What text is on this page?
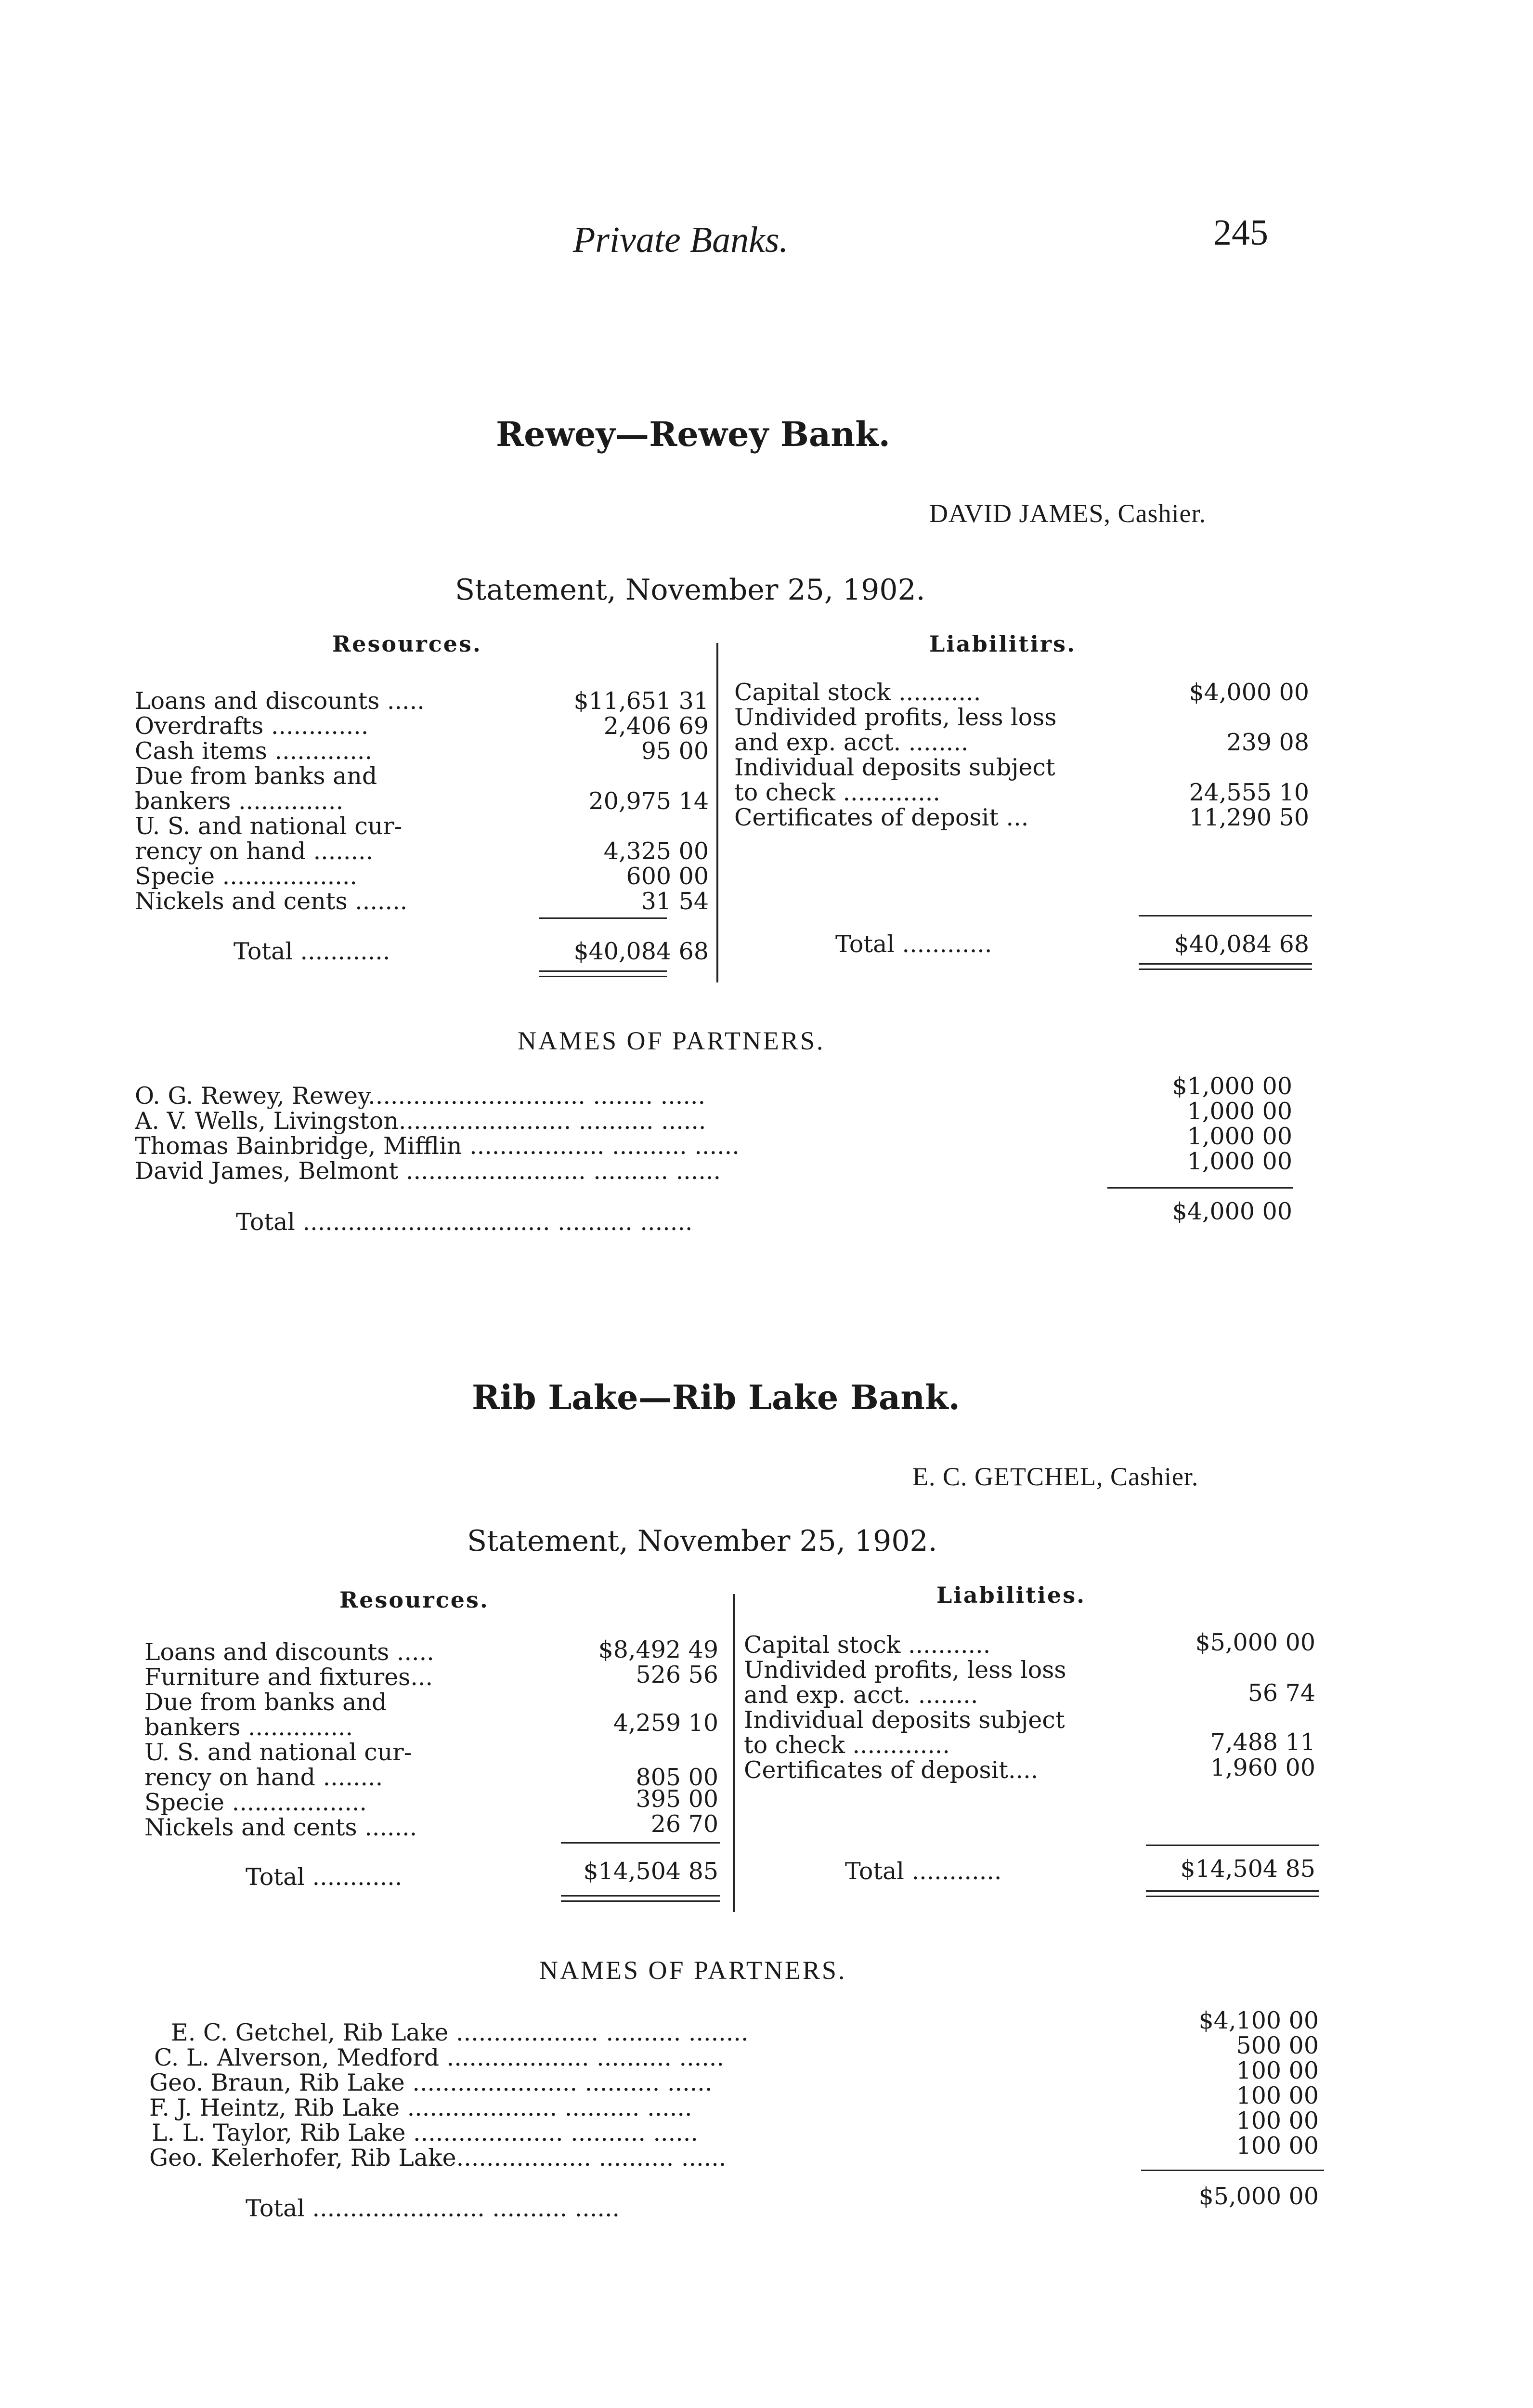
Private Banks.	245
Rewey—Rewey Bank.
DAVID JAMES, Cashier.
Statement, November 25, 1902.
Resources.	Liabilitirs.
Loans and discounts .....	$11,651 31
Overdrafts .............	2,406 69
Cash items .............	95 00
Due from banks and
bankers ..............	20,975 14
U. S. and national cur-
rency on hand ........	4,325 00
Specie ..................	600 00
Nickels and cents .......	31 54
Total ............	$40,084 68
Capital stock ...........	$4,000 00
Undivided profits, less loss
and exp. acct. ........	239 08
Individual deposits subject
to check .............	24,555 10
Certificates of deposit ...	11,290 50
Total ............	$40,084 68
NAMES OF PARTNERS.
O. G. Rewey, Rewey............................. ........ ......	$1,000 00
A. V. Wells, Livingston....................... .......... ......	1,000 00
Thomas Bainbridge, Mifflin .................. .......... ......	1,000 00
David James, Belmont ........................ .......... ......	1,000 00
Total ................................. .......... .......	$4,000 00
Rib Lake—Rib Lake Bank.
E. C. GETCHEL, Cashier.
Statement, November 25, 1902.
Resources.	Liabilities.
Loans and discounts .....	$8,492 49
Furniture and fixtures...	526 56
Due from banks and
bankers ..............	4,259 10
U. S. and national cur-
rency on hand ........	805 00
Specie ..................	395 00
Nickels and cents .......	26 70
Total ............	$14,504 85
Capital stock ...........	$5,000 00
Undivided profits, less loss
and exp. acct. ........	56 74
Individual deposits subject
to check .............	7,488 11
Certificates of deposit....	1,960 00
Total ............	$14,504 85
NAMES OF PARTNERS.
E. C. Getchel, Rib Lake ................... .......... ........	$4,100 00
C. L. Alverson, Medford ................... .......... ......	500 00
Geo. Braun, Rib Lake ...................... .......... ......	100 00
F. J. Heintz, Rib Lake .................... .......... ......	100 00
L. L. Taylor, Rib Lake .................... .......... ......	100 00
Geo. Kelerhofer, Rib Lake.................. .......... ......	100 00
Total ....................... .......... ......	$5,000 00
